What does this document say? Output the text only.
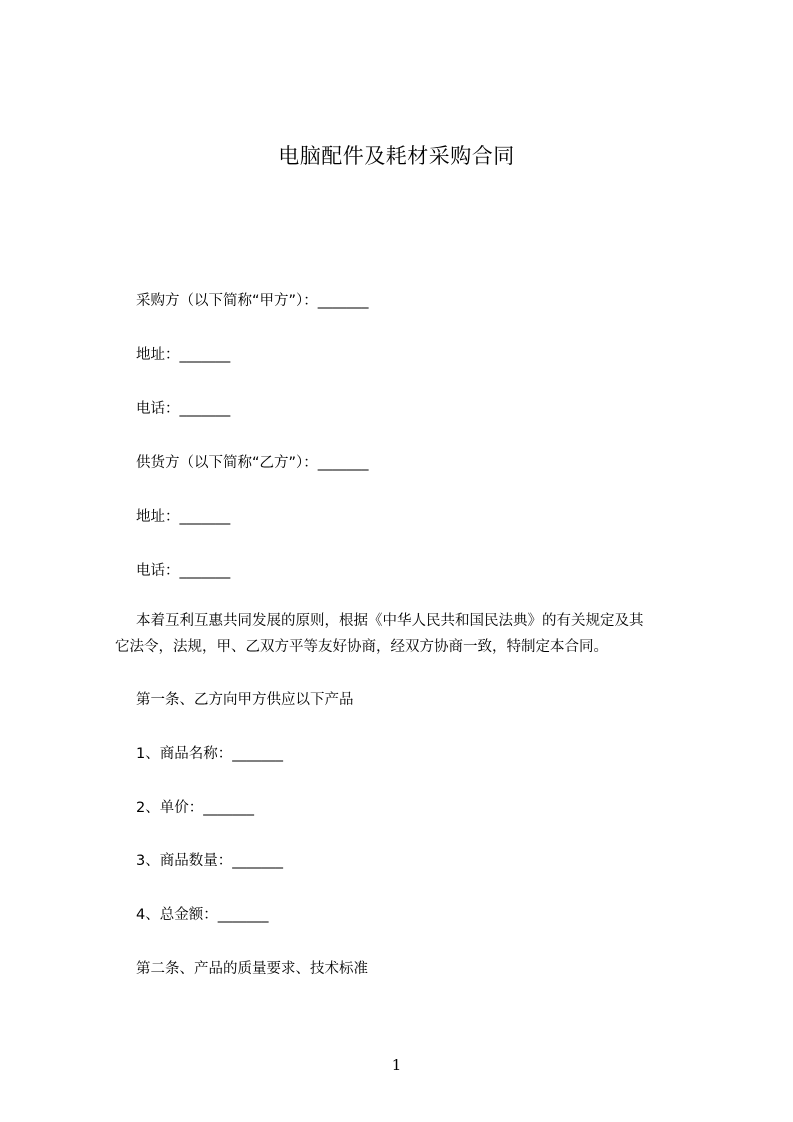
电脑配件及耗材采购合同
采购方（以下简称“甲方”）：_______
地址：_______
电话：_______
供货方（以下简称“乙方”）：_______
地址：_______
电话：_______
本着互利互惠共同发展的原则，根据《中华人民共和国民法典》的有关规定及其
它法令，法规，甲、乙双方平等友好协商，经双方协商一致，特制定本合同。
第一条、乙方向甲方供应以下产品
1、商品名称：_______
2、单价：_______
3、商品数量：_______
4、总金额：_______
第二条、产品的质量要求、技术标准
1
